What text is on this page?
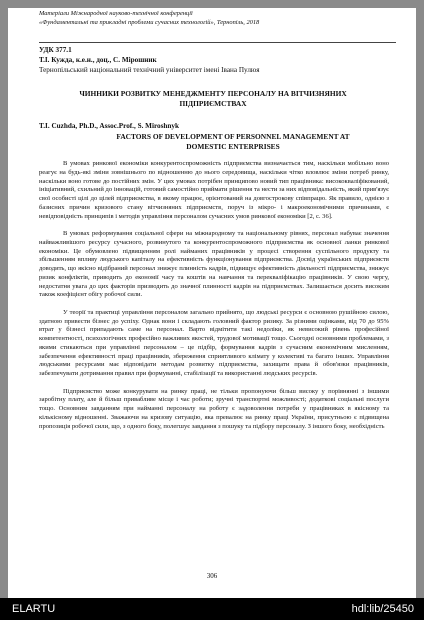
Матеріали Міжнародної науково-технічної конференції
«Фундаментальні та прикладні проблеми сучасних технологій», Тернопіль, 2018
УДК 377.1
Т.І. Кужда, к.е.н., доц., С. Мірошник
Тернопільський національний технічний університет імені Івана Пулюя
ЧИННИКИ РОЗВИТКУ МЕНЕДЖМЕНТУ ПЕРСОНАЛУ НА ВІТЧИЗНЯНИХ ПІДПРИЄМСТВАХ
T.I. Cuzhda, Ph.D., Assoc.Prof., S. Miroshnyk
FACTORS OF DEVELOPMENT OF PERSONNEL MANAGEMENT AT DOMESTIC ENTERPRISES

В умовах ринкової економіки конкурентоспроможність підприємства визначається тим, наскільки мобільно воно реагує на будь-які зміни зовнішнього по відношенню до нього середовища, наскільки чітко вловлює зміни потреб ринку, наскільки воно готове до постійних змін. У цих умовах потрібен принципово новий тип працівника: висококваліфікований, ініціативний, схильний до інновацій, готовий самостійно приймати рішення та нести за них відповідальність, який прив'язує свої особисті цілі до цілей підприємства, в якому працює, орієнтований на довгострокову співпрацю. Як правило, однією з базисних причин кризового стану вітчизняних підприємств, поруч із мікро- і макроекономічними причинами, є невідповідність принципів і методів управління персоналом сучасних умов ринкової економіки [2, с. 36].

В умовах реформування соціальної сфери на міжнародному та національному рівнях, персонал набуває значення найважливішого ресурсу сучасного, розвинутого та конкурентоспроможного підприємства як основної ланки ринкової економіки. Це обумовлено підвищенням ролі найманих працівників у процесі створення суспільного продукту та збільшенням впливу людського капіталу на ефективність функціонування підприємства. Досвід українських підприємств доводить, що якісно відібраний персонал знижує плинність кадрів, підвищує ефективність діяльності підприємства, знижує ризик конфліктів, приводить до економії часу та коштів на навчання та перекваліфікацію працівників. У свою чергу, недостатня увага до цих факторів призводить до значної плинності кадрів на підприємствах. Залишається досить високим також коефіцієнт обігу робочої сили.

У теорії та практиці управління персоналом загально прийнято, що людські ресурси є основною рушійною силою, здатною привести бізнес до успіху. Однак вони і складають головний фактор ризику. За різними оцінками, від 70 до 95% втрат у бізнесі припадають саме на персонал. Варто відмітити такі недоліки, як невисокий рівень професійної компетентності, психологічних професійно важливих якостей, трудової мотивації тощо. Сьогодні основними проблемами, з якими стикаються при управлінні персоналом – це підбір, формування кадрів з сучасним економічним мисленням, забезпечення ефективності праці працівників, збереження сприятливого клімату у колективі та багато інших. Управління людськими ресурсами має відповідати методам розвитку підприємства, захищати права й обов'язки працівників, забезпечувати дотримання правил при формуванні, стабілізації та використанні людських ресурсів.

Підприємство може конкурувати на ринку праці, не тільки пропонуючи більш високу у порівнянні з іншими заробітну плату, але й більш привабливе місце і час роботи; зручні транспортні можливості; додаткові соціальні послуги тощо. Основним завданням при найманні персоналу на роботу є задоволення потреби у працівниках в якісному та кількісному відношенні. Зважаючи на кризову ситуацію, яка превалює на ринку праці України, присутньою є підвищена пропозиція робочої сили, що, з одного боку, полегшує завдання з пошуку та підбору персоналу. З іншого боку, необхідність

306
ELARTU	hdl:lib/25450
